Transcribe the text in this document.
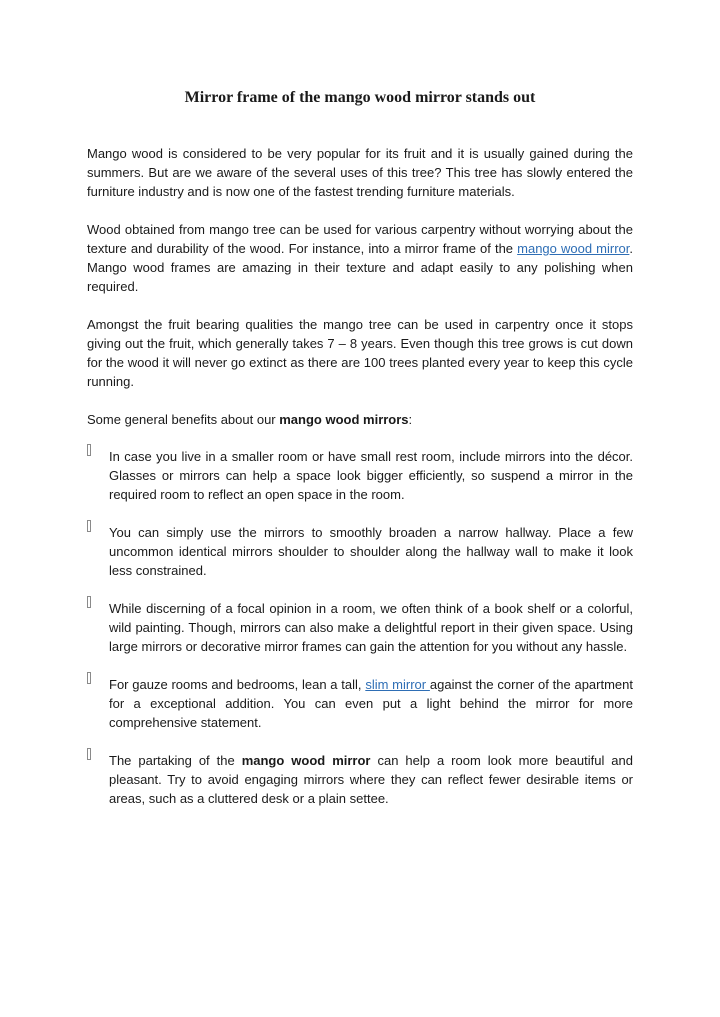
Mirror frame of the mango wood mirror stands out

Mango wood is considered to be very popular for its fruit and it is usually gained during the summers. But are we aware of the several uses of this tree? This tree has slowly entered the furniture industry and is now one of the fastest trending furniture materials.

Wood obtained from mango tree can be used for various carpentry without worrying about the texture and durability of the wood. For instance, into a mirror frame of the mango wood mirror. Mango wood frames are amazing in their texture and adapt easily to any polishing when required.

Amongst the fruit bearing qualities the mango tree can be used in carpentry once it stops giving out the fruit, which generally takes 7 – 8 years. Even though this tree grows is cut down for the wood it will never go extinct as there are 100 trees planted every year to keep this cycle running.

Some general benefits about our mango wood mirrors:

In case you live in a smaller room or have small rest room, include mirrors into the décor. Glasses or mirrors can help a space look bigger efficiently, so suspend a mirror in the required room to reflect an open space in the room.
You can simply use the mirrors to smoothly broaden a narrow hallway. Place a few uncommon identical mirrors shoulder to shoulder along the hallway wall to make it look less constrained.
While discerning of a focal opinion in a room, we often think of a book shelf or a colorful, wild painting. Though, mirrors can also make a delightful report in their given space. Using large mirrors or decorative mirror frames can gain the attention for you without any hassle.
For gauze rooms and bedrooms, lean a tall, slim mirror against the corner of the apartment for a exceptional addition. You can even put a light behind the mirror for more comprehensive statement.
The partaking of the mango wood mirror can help a room look more beautiful and pleasant. Try to avoid engaging mirrors where they can reflect fewer desirable items or areas, such as a cluttered desk or a plain settee.
